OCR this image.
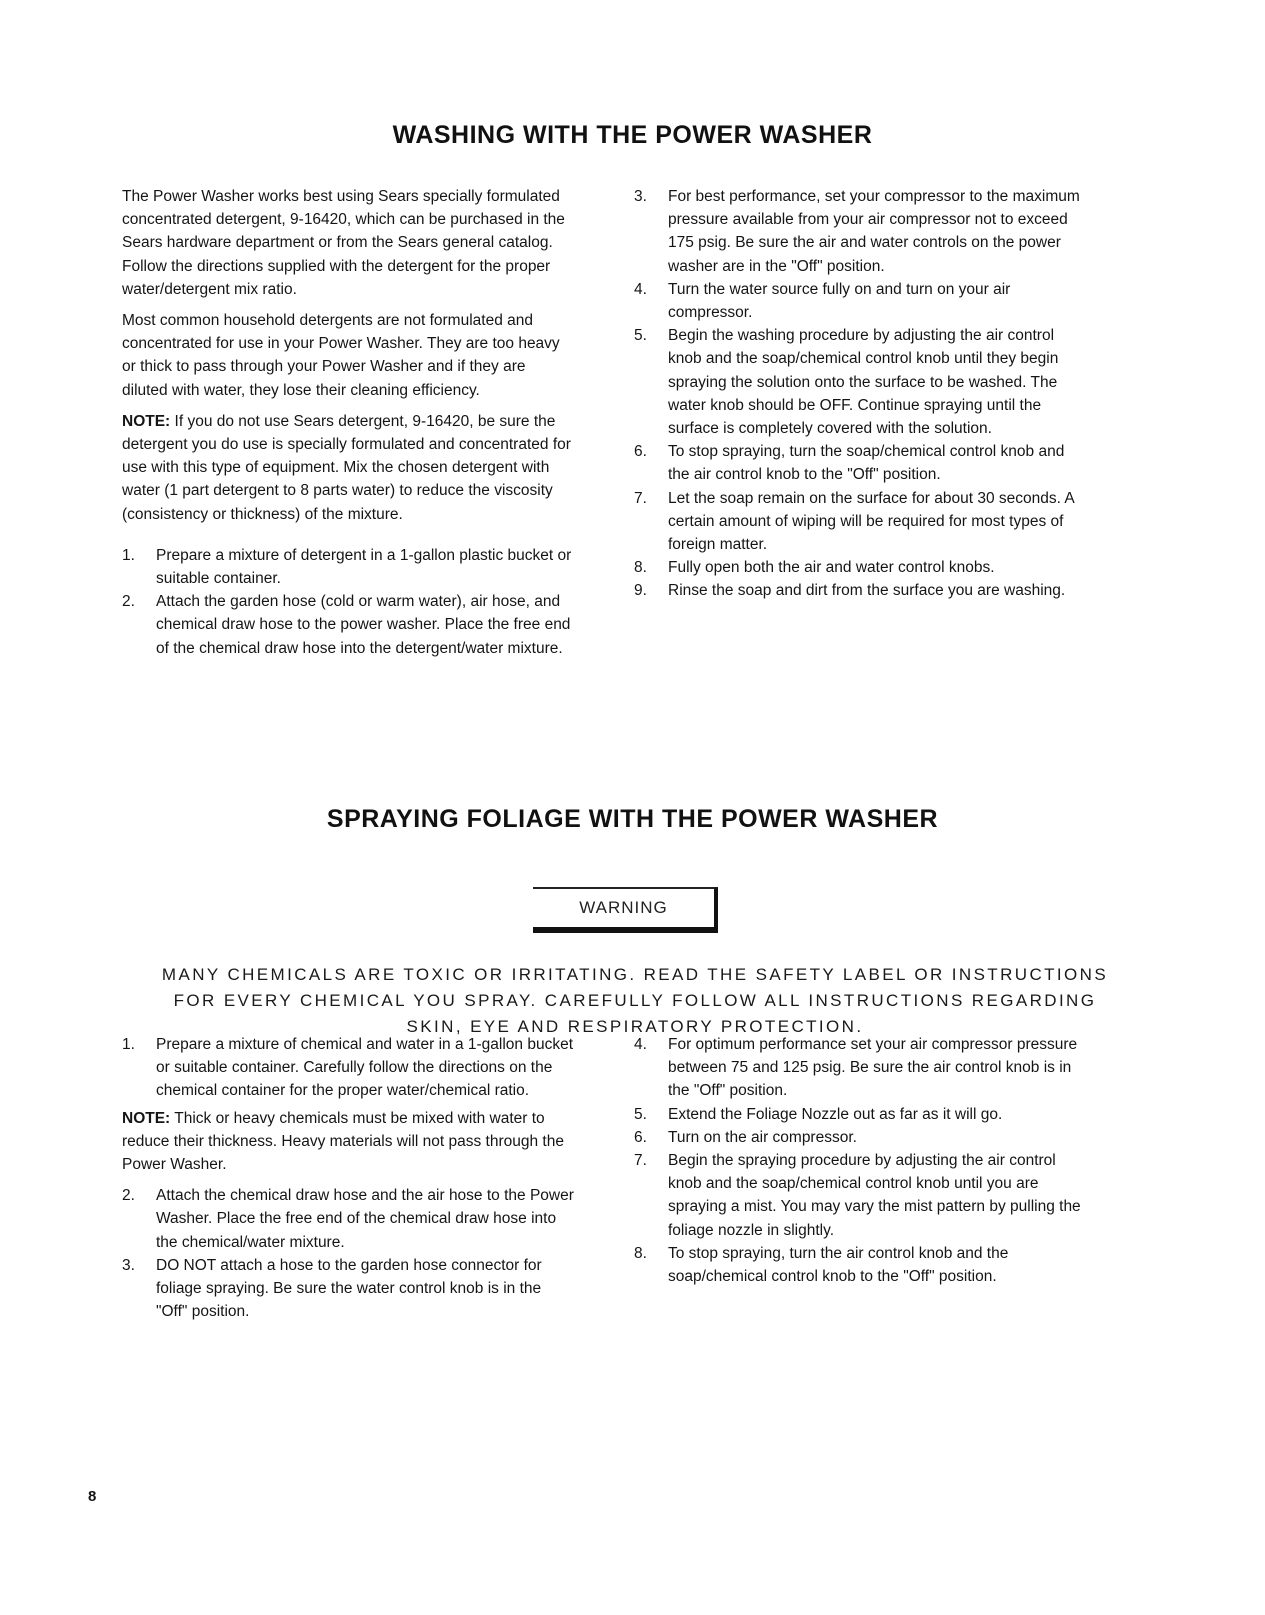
WASHING WITH THE POWER WASHER

The Power Washer works best using Sears specially formulated concentrated detergent, 9-16420, which can be purchased in the Sears hardware department or from the Sears general catalog. Follow the directions supplied with the detergent for the proper water/detergent mix ratio.

Most common household detergents are not formulated and concentrated for use in your Power Washer. They are too heavy or thick to pass through your Power Washer and if they are diluted with water, they lose their cleaning efficiency.

NOTE: If you do not use Sears detergent, 9-16420, be sure the detergent you do use is specially formulated and concentrated for use with this type of equipment. Mix the chosen detergent with water (1 part detergent to 8 parts water) to reduce the viscosity (consistency or thickness) of the mixture.

1.	Prepare a mixture of detergent in a 1-gallon plastic bucket or suitable container.
2.	Attach the garden hose (cold or warm water), air hose, and chemical draw hose to the power washer. Place the free end of the chemical draw hose into the detergent/water mixture.
3.	For best performance, set your compressor to the maximum pressure available from your air compressor not to exceed 175 psig. Be sure the air and water controls on the power washer are in the "Off" position.
4.	Turn the water source fully on and turn on your air compressor.
5.	Begin the washing procedure by adjusting the air control knob and the soap/chemical control knob until they begin spraying the solution onto the surface to be washed. The water knob should be OFF. Continue spraying until the surface is completely covered with the solution.
6.	To stop spraying, turn the soap/chemical control knob and the air control knob to the "Off" position.
7.	Let the soap remain on the surface for about 30 seconds. A certain amount of wiping will be required for most types of foreign matter.
8.	Fully open both the air and water control knobs.
9.	Rinse the soap and dirt from the surface you are washing.
SPRAYING FOLIAGE WITH THE POWER WASHER
WARNING
MANY CHEMICALS ARE TOXIC OR IRRITATING. READ THE SAFETY LABEL OR INSTRUCTIONS FOR EVERY CHEMICAL YOU SPRAY. CAREFULLY FOLLOW ALL INSTRUCTIONS REGARDING SKIN, EYE AND RESPIRATORY PROTECTION.
1.	Prepare a mixture of chemical and water in a 1-gallon bucket or suitable container. Carefully follow the directions on the chemical container for the proper water/chemical ratio.

NOTE: Thick or heavy chemicals must be mixed with water to reduce their thickness. Heavy materials will not pass through the Power Washer.

2.	Attach the chemical draw hose and the air hose to the Power Washer. Place the free end of the chemical draw hose into the chemical/water mixture.
3.	DO NOT attach a hose to the garden hose connector for foliage spraying. Be sure the water control knob is in the "Off" position.
4.	For optimum performance set your air compressor pressure between 75 and 125 psig. Be sure the air control knob is in the "Off" position.
5.	Extend the Foliage Nozzle out as far as it will go.
6.	Turn on the air compressor.
7.	Begin the spraying procedure by adjusting the air control knob and the soap/chemical control knob until you are spraying a mist. You may vary the mist pattern by pulling the foliage nozzle in slightly.
8.	To stop spraying, turn the air control knob and the soap/chemical control knob to the "Off" position.
8
